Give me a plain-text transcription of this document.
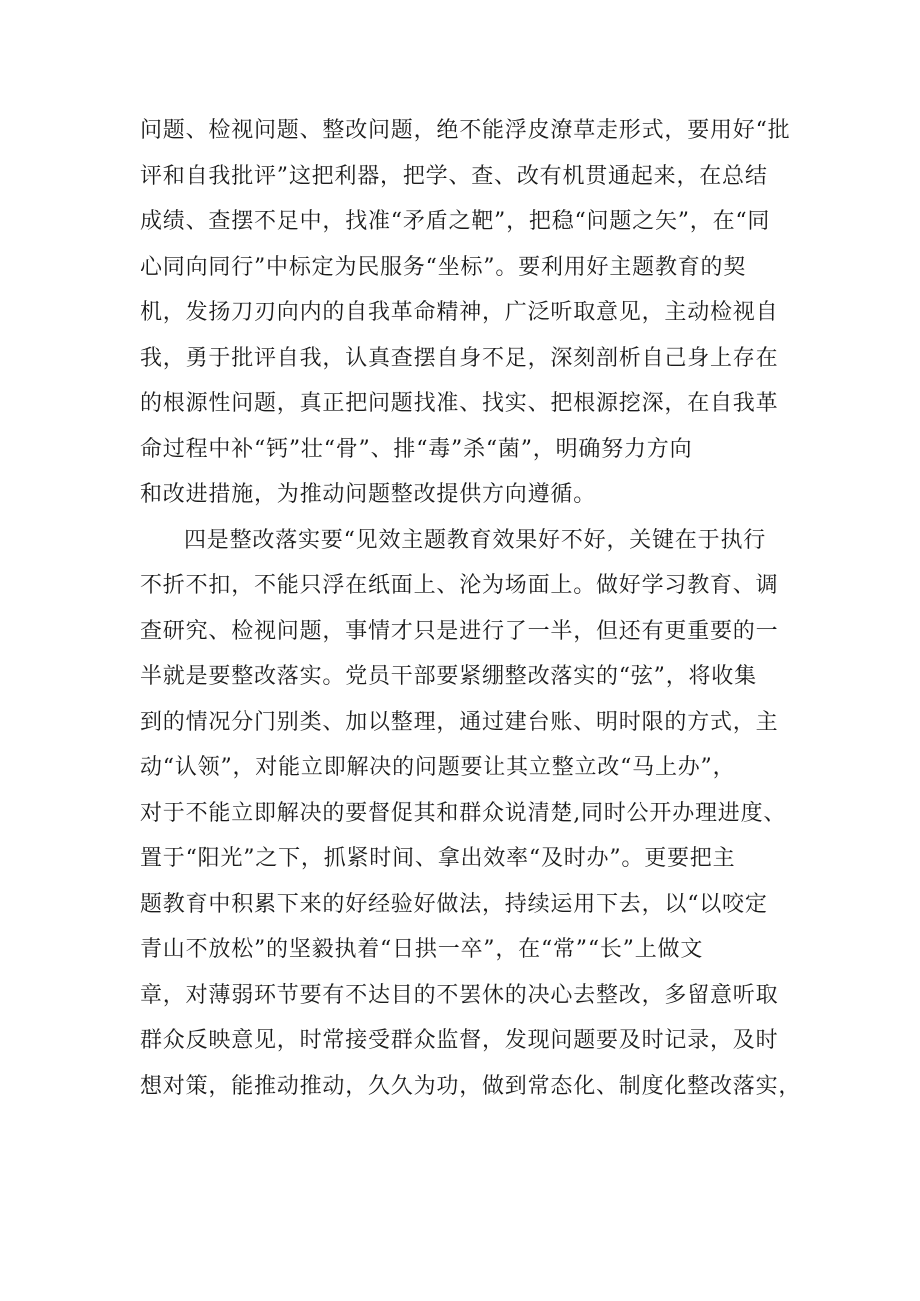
问题、检视问题、整改问题，绝不能浮皮潦草走形式，要用好“批
评和自我批评”这把利器，把学、查、改有机贯通起来，在总结
成绩、查摆不足中，找准“矛盾之靶”，把稳“问题之矢”，在“同
心同向同行”中标定为民服务“坐标”。要利用好主题教育的契
机，发扬刀刃向内的自我革命精神，广泛听取意见，主动检视自
我，勇于批评自我，认真查摆自身不足，深刻剖析自己身上存在
的根源性问题，真正把问题找准、找实、把根源挖深，在自我革
命过程中补“钙”壮“骨”、排“毒”杀“菌”，明确努力方向
和改进措施，为推动问题整改提供方向遵循。
四是整改落实要“见效主题教育效果好不好，关键在于执行
不折不扣，不能只浮在纸面上、沦为场面上。做好学习教育、调
查研究、检视问题，事情才只是进行了一半，但还有更重要的一
半就是要整改落实。党员干部要紧绷整改落实的“弦”，将收集
到的情况分门别类、加以整理，通过建台账、明时限的方式，主
动“认领”，对能立即解决的问题要让其立整立改“马上办”，
对于不能立即解决的要督促其和群众说清楚,同时公开办理进度、
置于“阳光”之下，抓紧时间、拿出效率“及时办”。更要把主
题教育中积累下来的好经验好做法，持续运用下去，以“以咬定
青山不放松”的坚毅执着“日拱一卒”，在“常”“长”上做文
章，对薄弱环节要有不达目的不罢休的决心去整改，多留意听取
群众反映意见，时常接受群众监督，发现问题要及时记录，及时
想对策，能推动推动，久久为功，做到常态化、制度化整改落实，
